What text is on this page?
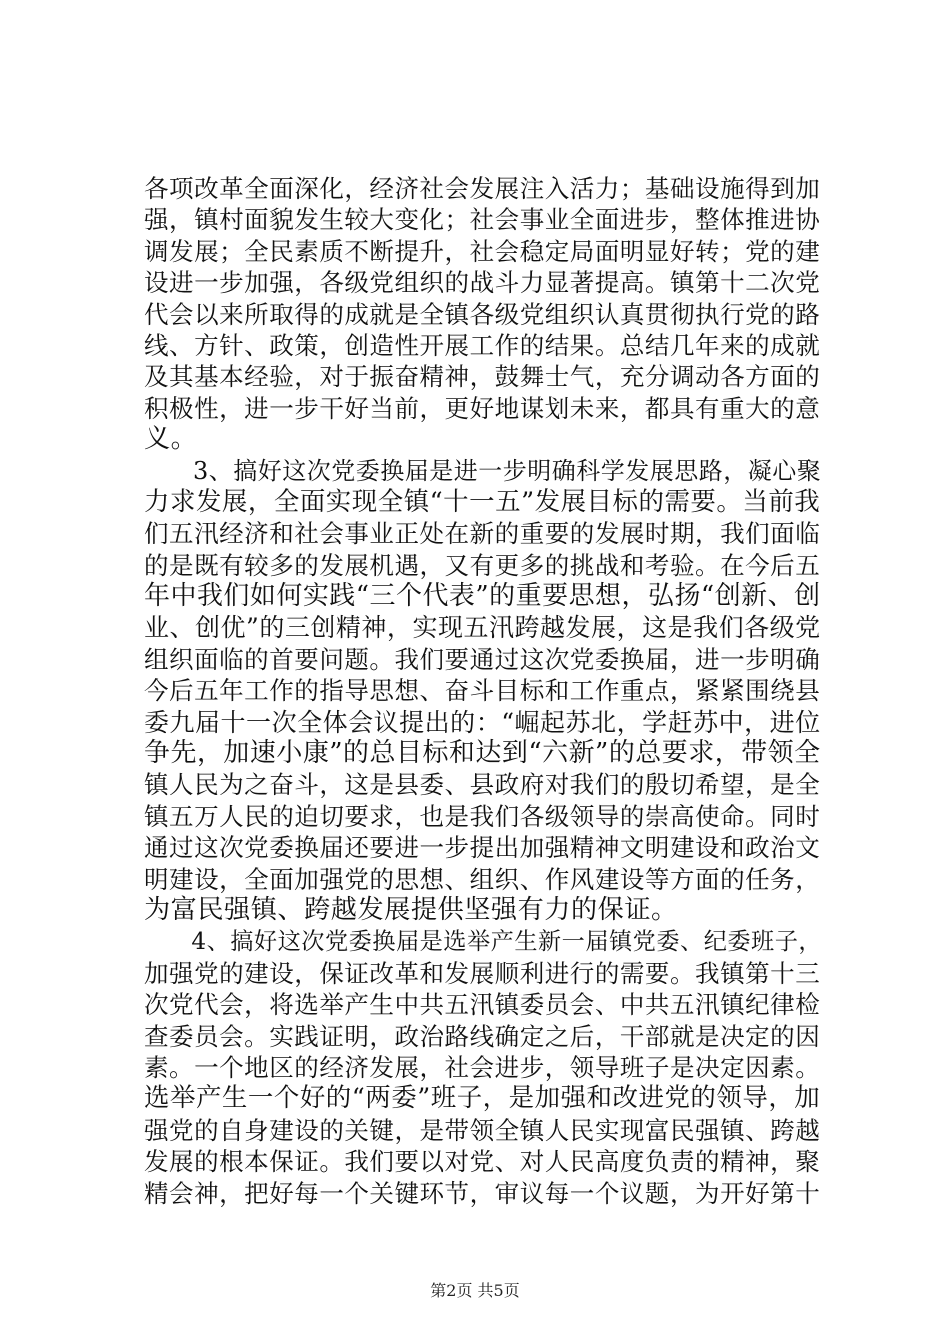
各项改革全面深化，经济社会发展注入活力；基础设施得到加
强，镇村面貌发生较大变化；社会事业全面进步，整体推进协
调发展；全民素质不断提升，社会稳定局面明显好转；党的建
设进一步加强，各级党组织的战斗力显著提高。镇第十二次党
代会以来所取得的成就是全镇各级党组织认真贯彻执行党的路
线、方针、政策，创造性开展工作的结果。总结几年来的成就
及其基本经验，对于振奋精神，鼓舞士气，充分调动各方面的
积极性，进一步干好当前，更好地谋划未来，都具有重大的意
义。
　　3、搞好这次党委换届是进一步明确科学发展思路，凝心聚
力求发展，全面实现全镇“十一五”发展目标的需要。当前我
们五汛经济和社会事业正处在新的重要的发展时期，我们面临
的是既有较多的发展机遇，又有更多的挑战和考验。在今后五
年中我们如何实践“三个代表”的重要思想，弘扬“创新、创
业、创优”的三创精神，实现五汛跨越发展，这是我们各级党
组织面临的首要问题。我们要通过这次党委换届，进一步明确
今后五年工作的指导思想、奋斗目标和工作重点，紧紧围绕县
委九届十一次全体会议提出的：“崛起苏北，学赶苏中，进位
争先，加速小康”的总目标和达到“六新”的总要求，带领全
镇人民为之奋斗，这是县委、县政府对我们的殷切希望，是全
镇五万人民的迫切要求，也是我们各级领导的崇高使命。同时
通过这次党委换届还要进一步提出加强精神文明建设和政治文
明建设，全面加强党的思想、组织、作风建设等方面的任务，
为富民强镇、跨越发展提供坚强有力的保证。
　　4、搞好这次党委换届是选举产生新一届镇党委、纪委班子，
加强党的建设，保证改革和发展顺利进行的需要。我镇第十三
次党代会，将选举产生中共五汛镇委员会、中共五汛镇纪律检
查委员会。实践证明，政治路线确定之后，干部就是决定的因
素。一个地区的经济发展，社会进步，领导班子是决定因素。
选举产生一个好的“两委”班子，是加强和改进党的领导，加
强党的自身建设的关键，是带领全镇人民实现富民强镇、跨越
发展的根本保证。我们要以对党、对人民高度负责的精神，聚
精会神，把好每一个关键环节，审议每一个议题，为开好第十
第2页 共5页
